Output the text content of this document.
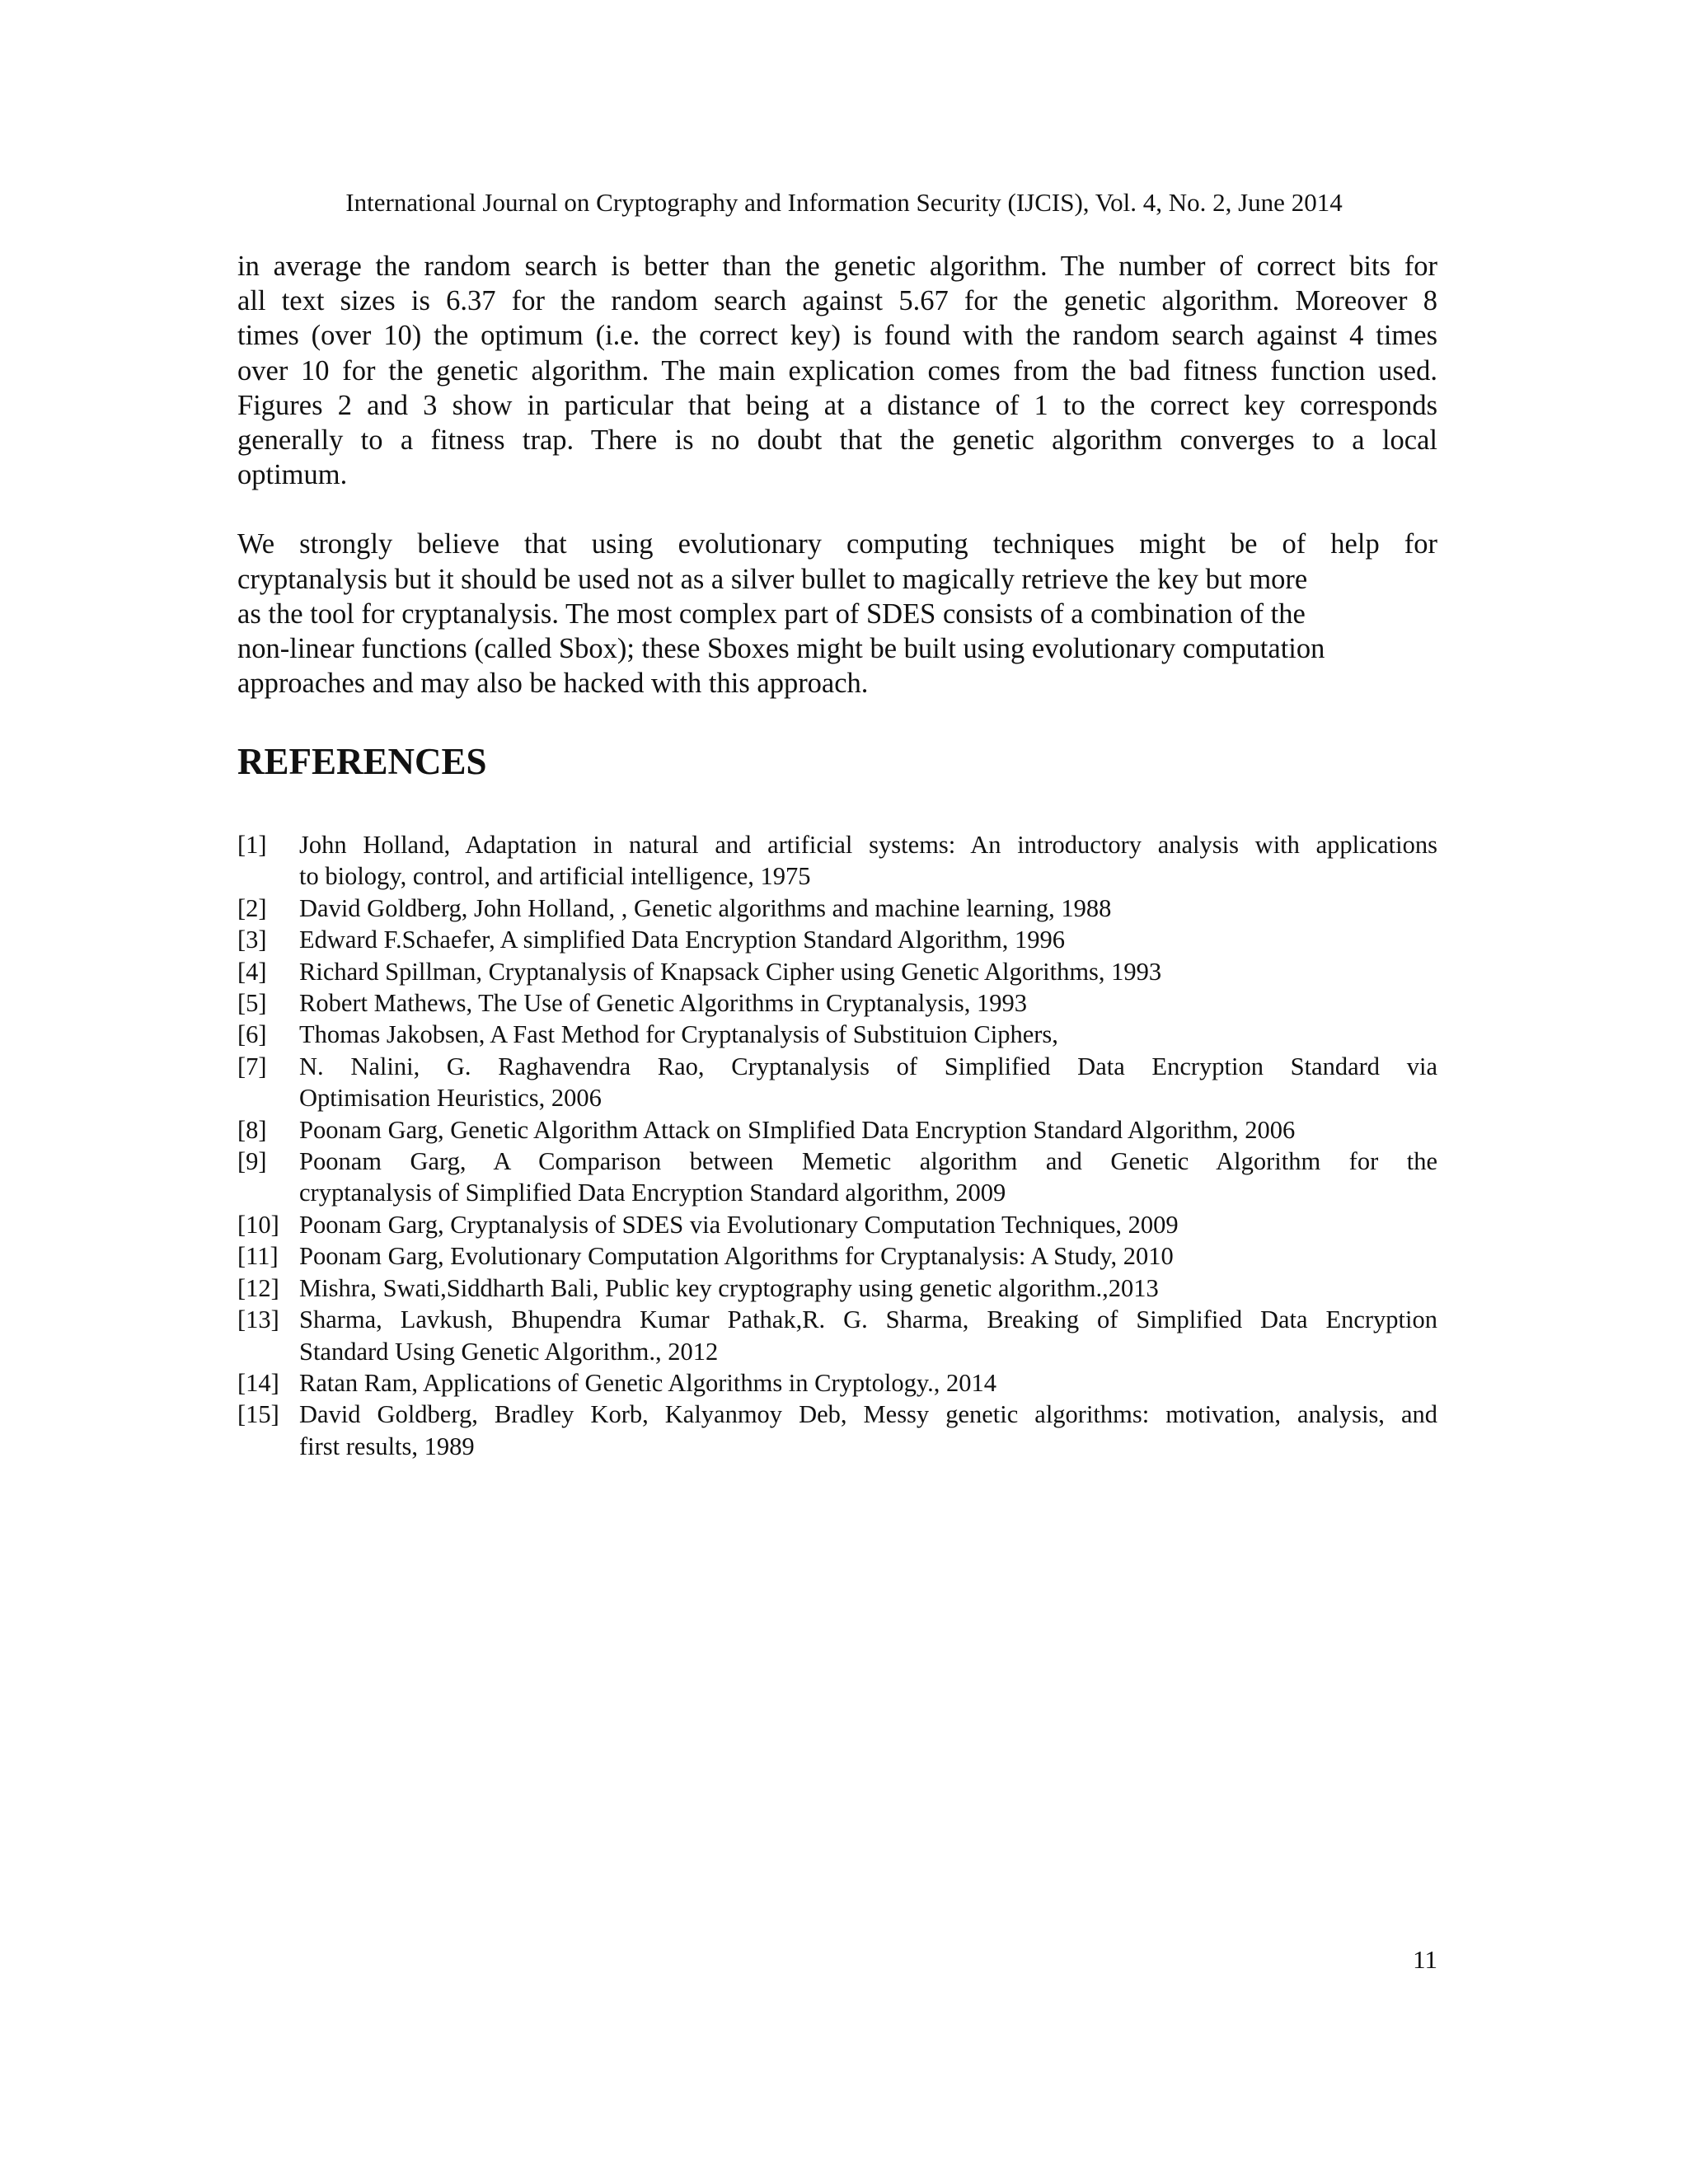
International Journal on Cryptography and Information Security (IJCIS), Vol. 4, No. 2, June 2014

in average the random search is better than the genetic algorithm. The number of correct bits for
all text sizes is 6.37 for the random search against 5.67 for the genetic algorithm. Moreover 8
times (over 10) the optimum (i.e. the correct key) is found with the random search against 4 times
over 10 for the genetic algorithm. The main explication comes from the bad fitness function used.
Figures 2 and 3 show in particular that being at a distance of 1 to the correct key corresponds
generally to a fitness trap. There is no doubt that the genetic algorithm converges to a local
optimum.

We strongly believe that using evolutionary computing techniques might be of help for
cryptanalysis but it should be used not as a silver bullet to magically retrieve the key but more
as the tool for cryptanalysis. The most complex part of SDES consists of a combination of the
non-linear functions (called Sbox); these Sboxes might be built using evolutionary computation
approaches and may also be hacked with this approach.

REFERENCES
[1] John Holland, Adaptation in natural and artificial systems: An introductory analysis with applications
to biology, control, and artificial intelligence, 1975
[2] David Goldberg, John Holland, , Genetic algorithms and machine learning, 1988
[3] Edward F.Schaefer, A simplified Data Encryption Standard Algorithm, 1996
[4] Richard Spillman, Cryptanalysis of Knapsack Cipher using Genetic Algorithms, 1993
[5] Robert Mathews, The Use of Genetic Algorithms in Cryptanalysis, 1993
[6] Thomas Jakobsen, A Fast Method for Cryptanalysis of Substituion Ciphers,
[7] N. Nalini, G. Raghavendra Rao, Cryptanalysis of Simplified Data Encryption Standard via
Optimisation Heuristics, 2006
[8] Poonam Garg, Genetic Algorithm Attack on SImplified Data Encryption Standard Algorithm, 2006
[9] Poonam Garg, A Comparison between Memetic algorithm and Genetic Algorithm for the
cryptanalysis of Simplified Data Encryption Standard algorithm, 2009
[10] Poonam Garg, Cryptanalysis of SDES via Evolutionary Computation Techniques, 2009
[11] Poonam Garg, Evolutionary Computation Algorithms for Cryptanalysis: A Study, 2010
[12] Mishra, Swati,Siddharth Bali, Public key cryptography using genetic algorithm.,2013
[13] Sharma, Lavkush, Bhupendra Kumar Pathak,R. G. Sharma, Breaking of Simplified Data Encryption
Standard Using Genetic Algorithm., 2012
[14] Ratan Ram, Applications of Genetic Algorithms in Cryptology., 2014
[15] David Goldberg, Bradley Korb, Kalyanmoy Deb, Messy genetic algorithms: motivation, analysis, and
first results, 1989
11
